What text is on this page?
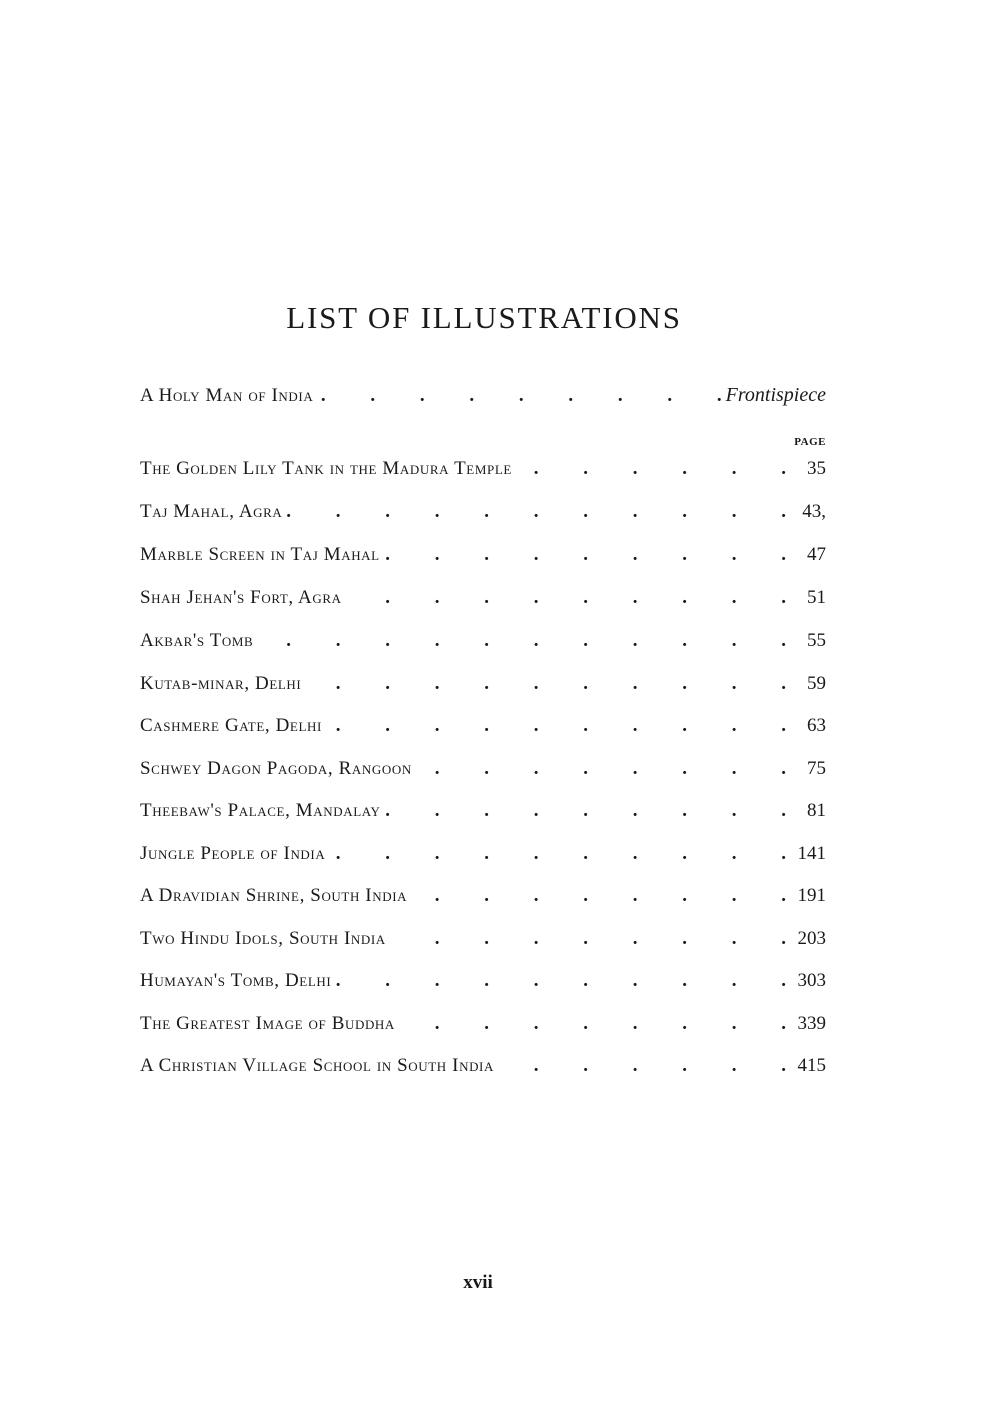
LIST OF ILLUSTRATIONS
A Holy Man of India . . .	Frontispiece
PAGE
The Golden Lily Tank in the Madura Temple . . .	35
Taj Mahal, Agra . . .	43,
Marble Screen in Taj Mahal . . .	47
Shah Jehan's Fort, Agra . . .	51
Akbar's Tomb . . .	55
Kutab-minar, Delhi . . .	59
Cashmere Gate, Delhi . . .	63
Schwey Dagon Pagoda, Rangoon . . .	75
Theebaw's Palace, Mandalay . . .	81
Jungle People of India . . .	141
A Dravidian Shrine, South India . . .	191
Two Hindu Idols, South India . . .	203
Humayan's Tomb, Delhi . . .	303
The Greatest Image of Buddha . . .	339
A Christian Village School in South India . . .	415
xvii
